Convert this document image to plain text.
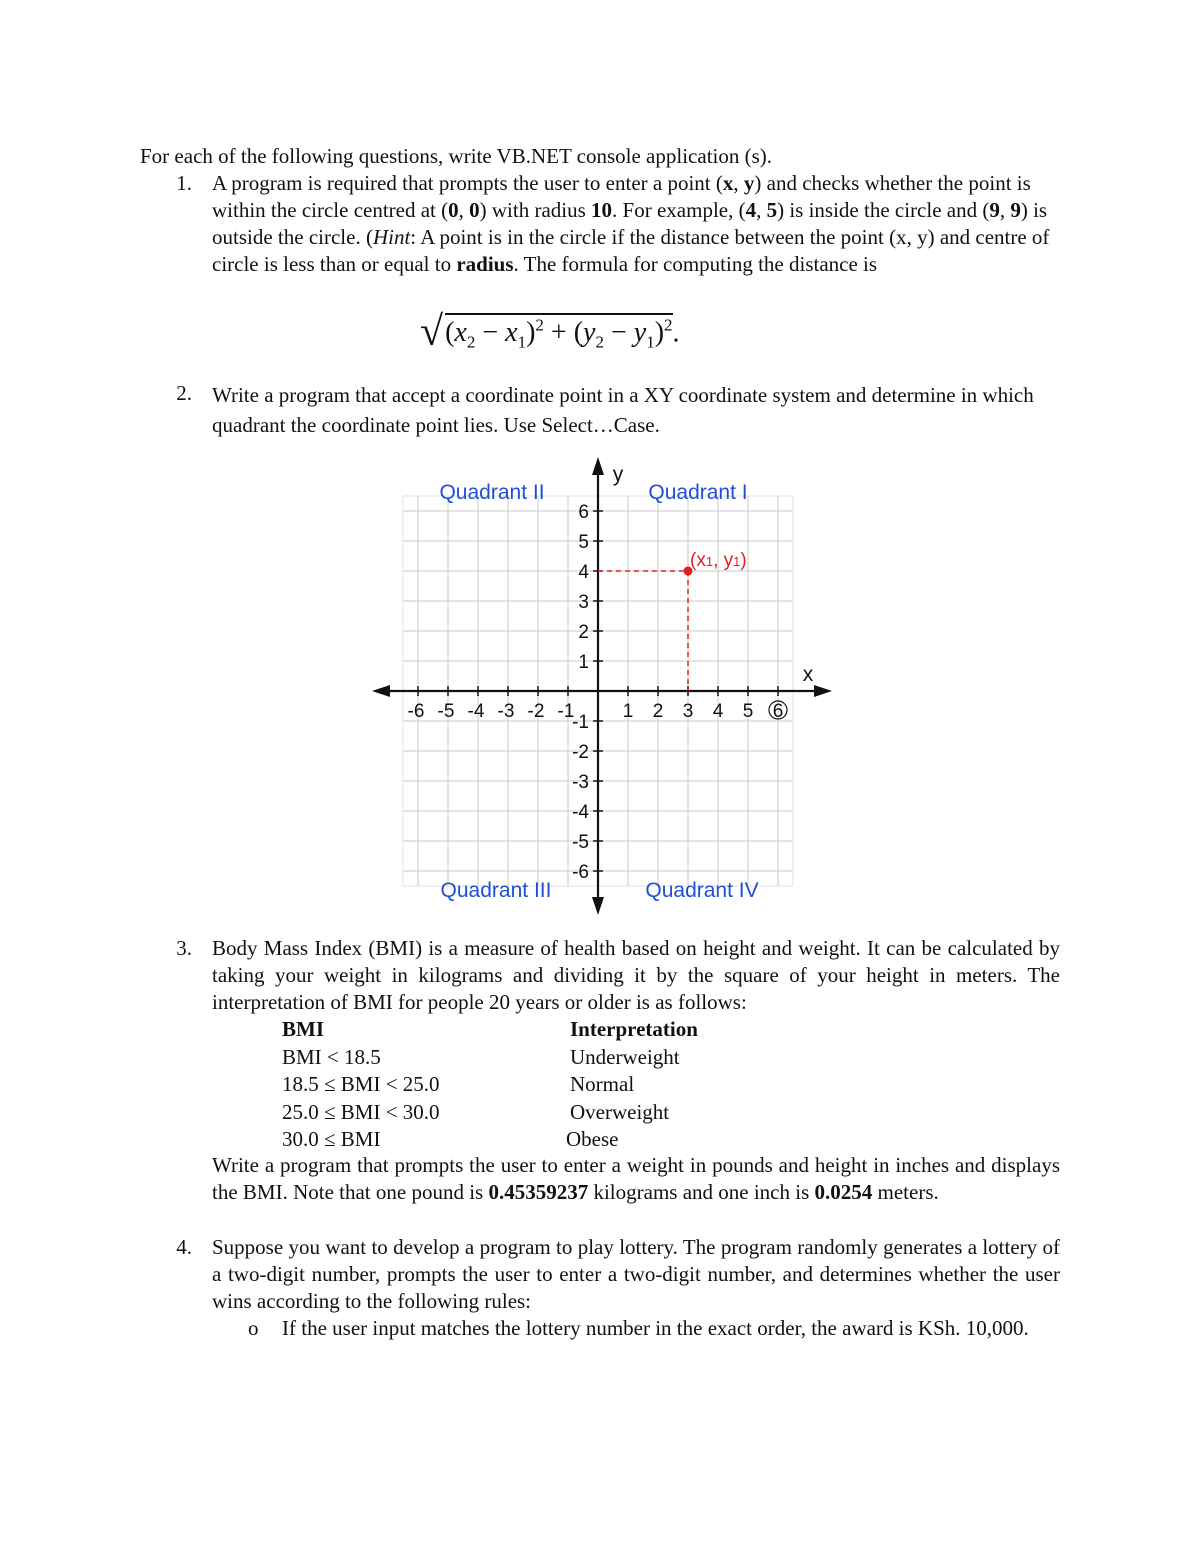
For each of the following questions, write VB.NET console application (s).
1. A program is required that prompts the user to enter a point (x, y) and checks whether the point is within the circle centred at (0, 0) with radius 10. For example, (4, 5) is inside the circle and (9, 9) is outside the circle. (Hint: A point is in the circle if the distance between the point (x, y) and centre of circle is less than or equal to radius. The formula for computing the distance is

$√(x_2 - x_1)^2 + (y_2 - y_1)^2$.
2. Write a program that accept a coordinate point in a XY coordinate system and determine in which quadrant the coordinate point lies. Use Select…Case.

-6 -5 -4 -3 -2 -1	1 2 3 4 5 6
6
5
4
3
2
1
-1
-2
-3
-4
-5
-6
x
y
Quadrant II	Quadrant I
Quadrant III	Quadrant IV
(x1, y1)
3. Body Mass Index (BMI) is a measure of health based on height and weight. It can be calculated by taking your weight in kilograms and dividing it by the square of your height in meters. The interpretation of BMI for people 20 years or older is as follows:

BMI	Interpretation
BMI < 18.5	Underweight
18.5 ≤ BMI < 25.0	Normal
25.0 ≤ BMI < 30.0	Overweight
30.0 ≤ BMI	Obese

Write a program that prompts the user to enter a weight in pounds and height in inches and displays the BMI. Note that one pound is 0.45359237 kilograms and one inch is 0.0254 meters.

4. Suppose you want to develop a program to play lottery. The program randomly generates a lottery of a two-digit number, prompts the user to enter a two-digit number, and determines whether the user wins according to the following rules:

o If the user input matches the lottery number in the exact order, the award is KSh. 10,000.
